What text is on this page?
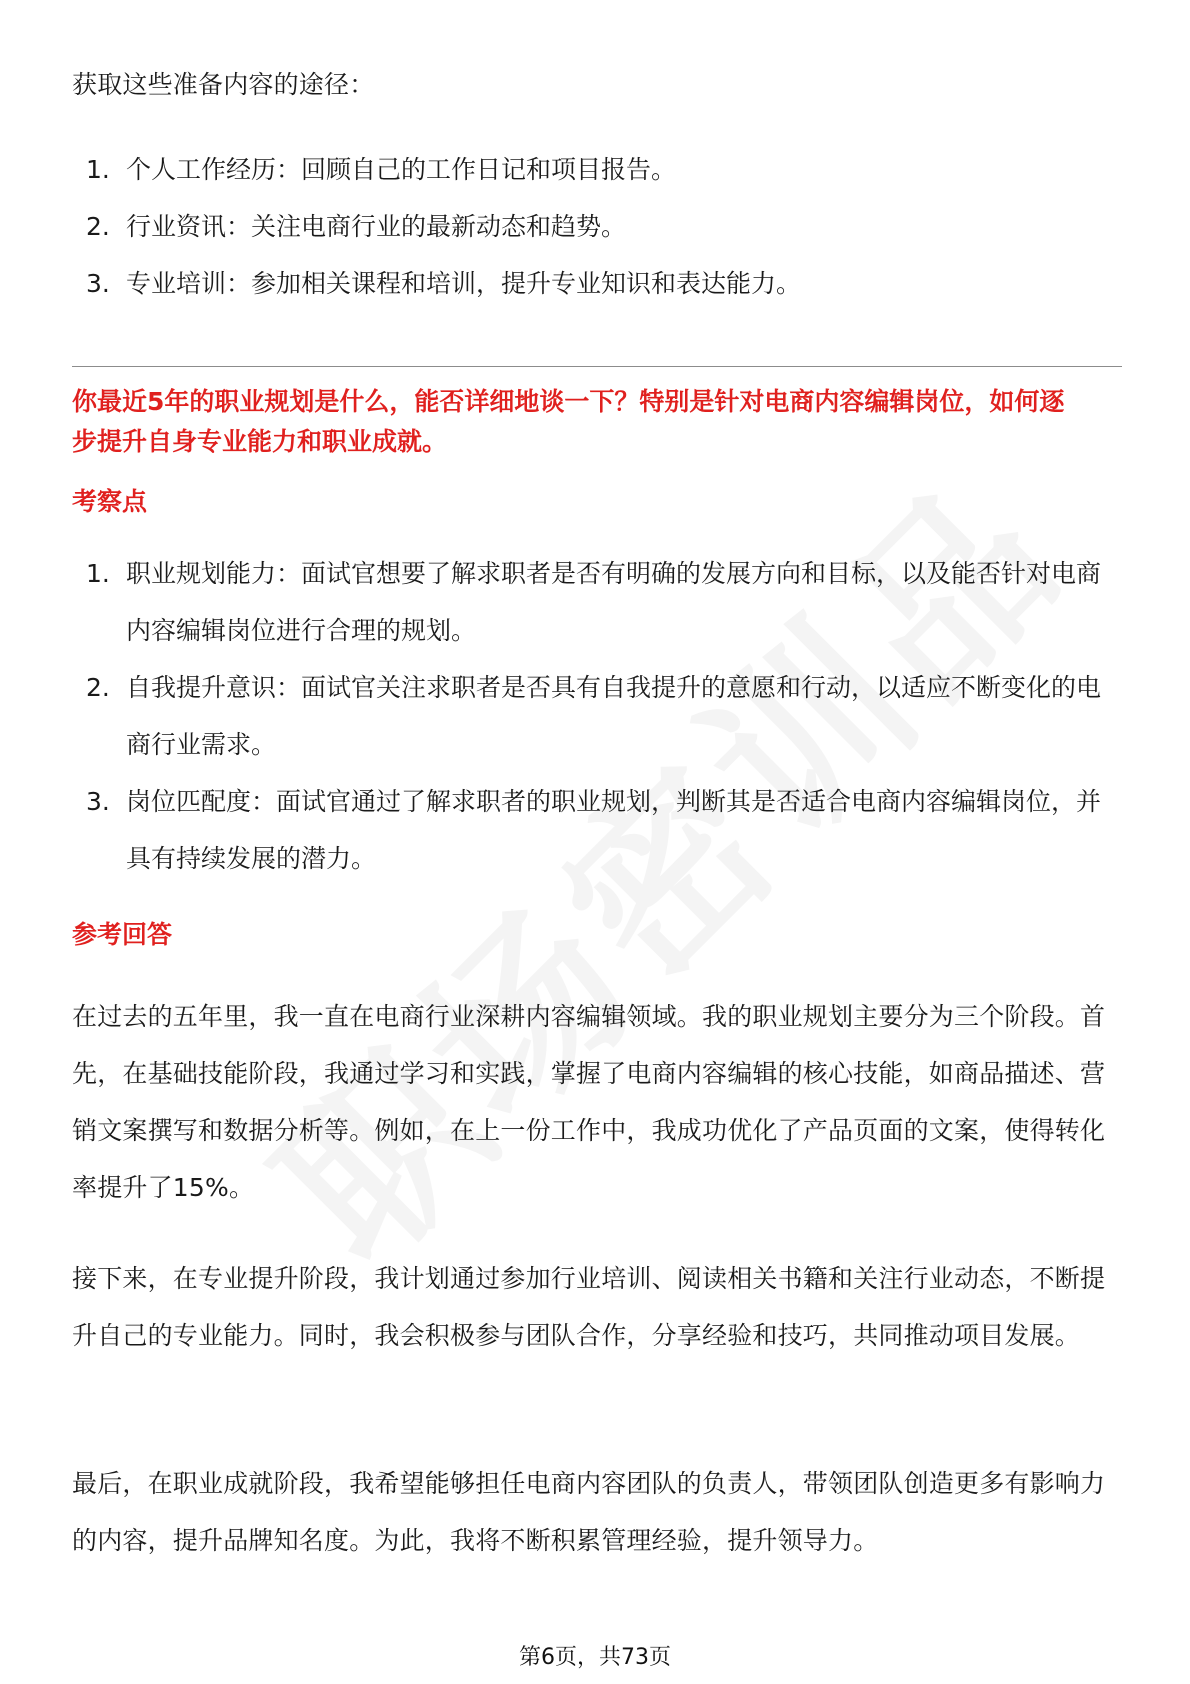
获取这些准备内容的途径：

1. 个人工作经历：回顾自己的工作日记和项目报告。
2. 行业资讯：关注电商行业的最新动态和趋势。
3. 专业培训：参加相关课程和培训，提升专业知识和表达能力。

你最近5年的职业规划是什么，能否详细地谈一下？特别是针对电商内容编辑岗位，如何逐步提升自身专业能力和职业成就。

考察点

1. 职业规划能力：面试官想要了解求职者是否有明确的发展方向和目标，以及能否针对电商内容编辑岗位进行合理的规划。
2. 自我提升意识：面试官关注求职者是否具有自我提升的意愿和行动，以适应不断变化的电商行业需求。
3. 岗位匹配度：面试官通过了解求职者的职业规划，判断其是否适合电商内容编辑岗位，并具有持续发展的潜力。

参考回答

在过去的五年里，我一直在电商行业深耕内容编辑领域。我的职业规划主要分为三个阶段。首先，在基础技能阶段，我通过学习和实践，掌握了电商内容编辑的核心技能，如商品描述、营销文案撰写和数据分析等。例如，在上一份工作中，我成功优化了产品页面的文案，使得转化率提升了15%。

接下来，在专业提升阶段，我计划通过参加行业培训、阅读相关书籍和关注行业动态，不断提升自己的专业能力。同时，我会积极参与团队合作，分享经验和技巧，共同推动项目发展。

最后，在职业成就阶段，我希望能够担任电商内容团队的负责人，带领团队创造更多有影响力的内容，提升品牌知名度。为此，我将不断积累管理经验，提升领导力。

第6页，共73页
